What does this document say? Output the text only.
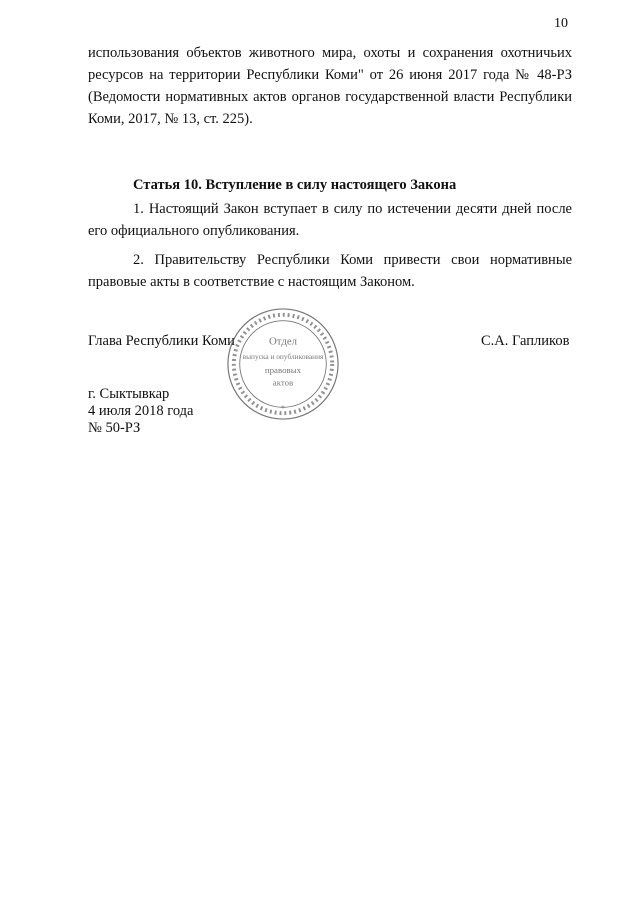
10

использования объектов животного мира, охоты и сохранения охотничьих ресурсов на территории Республики Коми" от 26 июня 2017 года № 48-РЗ (Ведомости нормативных актов органов государственной власти Республики Коми, 2017, № 13, ст. 225).

Статья 10. Вступление в силу настоящего Закона

1. Настоящий Закон вступает в силу по истечении десяти дней после его официального опубликования.

2. Правительству Республики Коми привести свои нормативные правовые акты в соответствие с настоящим Законом.

Глава Республики Коми	С.А. Гапликов
Отдел
выпуска и опубликования
правовых
актов
*
г. Сыктывкар
4 июля 2018 года
№ 50-РЗ
